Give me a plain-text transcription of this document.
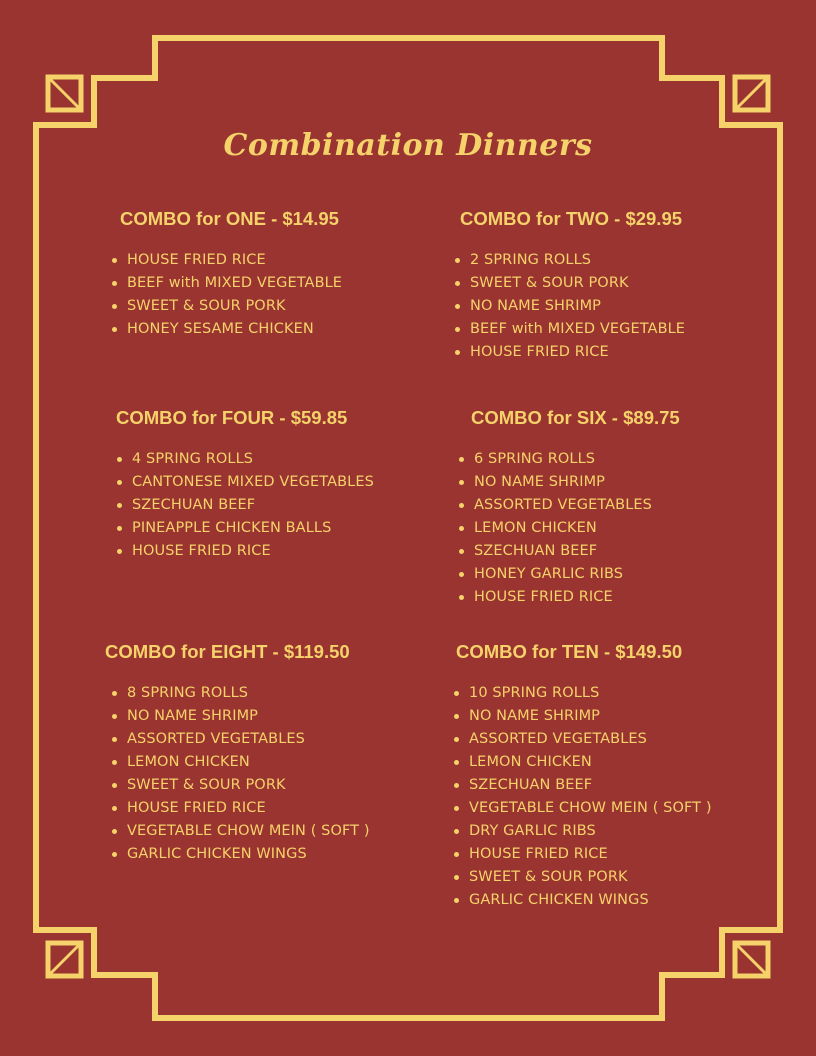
Combination Dinners
COMBO for ONE - $14.95
HOUSE FRIED RICE
BEEF with MIXED VEGETABLE
SWEET & SOUR PORK
HONEY SESAME CHICKEN
COMBO for TWO - $29.95
2 SPRING ROLLS
SWEET & SOUR PORK
NO NAME SHRIMP
BEEF with MIXED VEGETABLE
HOUSE FRIED RICE
COMBO for FOUR - $59.85
4 SPRING ROLLS
CANTONESE MIXED VEGETABLES
SZECHUAN BEEF
PINEAPPLE CHICKEN BALLS
HOUSE FRIED RICE
COMBO for SIX - $89.75
6 SPRING ROLLS
NO NAME SHRIMP
ASSORTED VEGETABLES
LEMON CHICKEN
SZECHUAN BEEF
HONEY GARLIC RIBS
HOUSE FRIED RICE
COMBO for EIGHT - $119.50
8 SPRING ROLLS
NO NAME SHRIMP
ASSORTED VEGETABLES
LEMON CHICKEN
SWEET & SOUR PORK
HOUSE FRIED RICE
VEGETABLE CHOW MEIN ( SOFT )
GARLIC CHICKEN WINGS
COMBO for TEN - $149.50
10 SPRING ROLLS
NO NAME SHRIMP
ASSORTED VEGETABLES
LEMON CHICKEN
SZECHUAN BEEF
VEGETABLE CHOW MEIN ( SOFT )
DRY GARLIC RIBS
HOUSE FRIED RICE
SWEET & SOUR PORK
GARLIC CHICKEN WINGS
